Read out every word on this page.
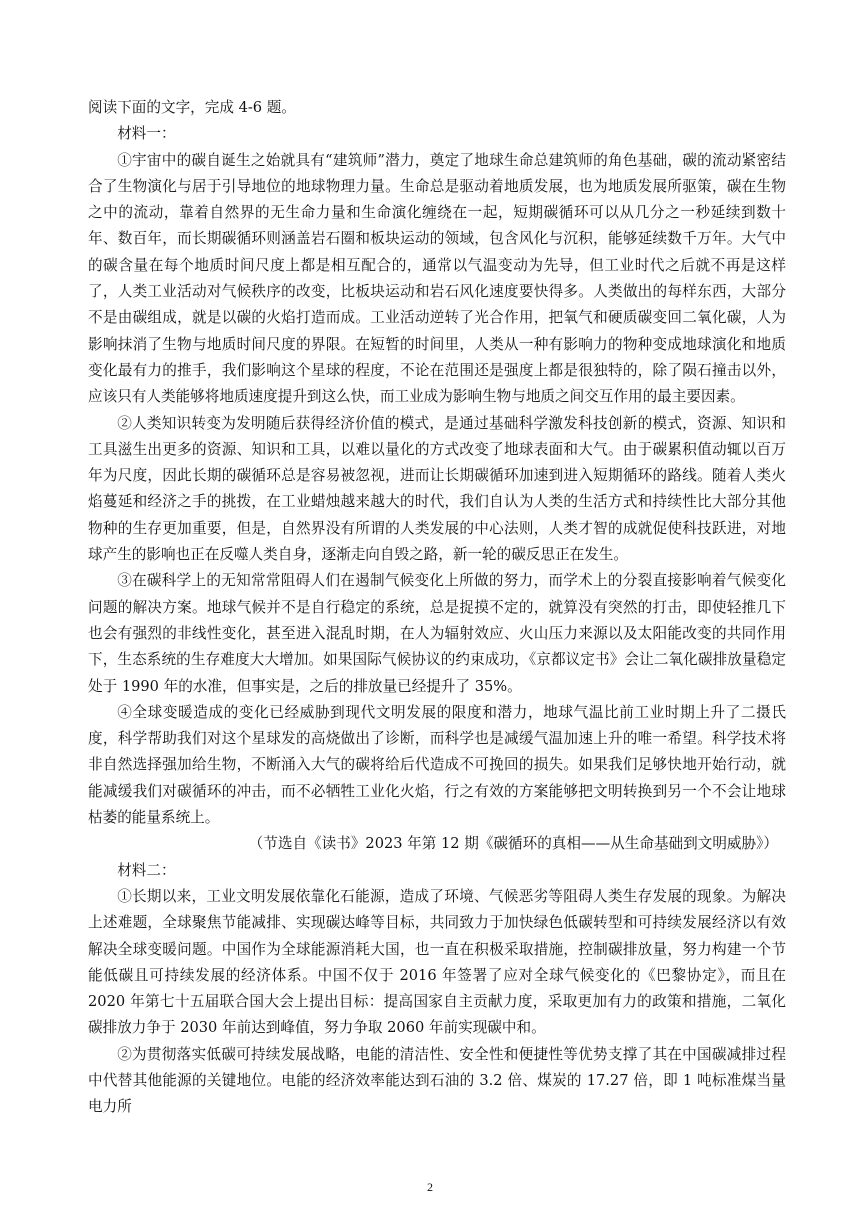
阅读下面的文字，完成 4-6 题。

材料一：

①宇宙中的碳自诞生之始就具有“建筑师”潜力，奠定了地球生命总建筑师的角色基础，碳的流动紧密结合了生物演化与居于引导地位的地球物理力量。生命总是驱动着地质发展，也为地质发展所驱策，碳在生物之中的流动，靠着自然界的无生命力量和生命演化缠绕在一起，短期碳循环可以从几分之一秒延续到数十年、数百年，而长期碳循环则涵盖岩石圈和板块运动的领域，包含风化与沉积，能够延续数千万年。大气中的碳含量在每个地质时间尺度上都是相互配合的，通常以气温变动为先导，但工业时代之后就不再是这样了，人类工业活动对气候秩序的改变，比板块运动和岩石风化速度要快得多。人类做出的每样东西，大部分不是由碳组成，就是以碳的火焰打造而成。工业活动逆转了光合作用，把氧气和硬质碳变回二氧化碳，人为影响抹消了生物与地质时间尺度的界限。在短暂的时间里，人类从一种有影响力的物种变成地球演化和地质变化最有力的推手，我们影响这个星球的程度，不论在范围还是强度上都是很独特的，除了陨石撞击以外，应该只有人类能够将地质速度提升到这么快，而工业成为影响生物与地质之间交互作用的最主要因素。

②人类知识转变为发明随后获得经济价值的模式，是通过基础科学激发科技创新的模式，资源、知识和工具滋生出更多的资源、知识和工具，以难以量化的方式改变了地球表面和大气。由于碳累积值动辄以百万年为尺度，因此长期的碳循环总是容易被忽视，进而让长期碳循环加速到进入短期循环的路线。随着人类火焰蔓延和经济之手的挑拨，在工业蜡烛越来越大的时代，我们自认为人类的生活方式和持续性比大部分其他物种的生存更加重要，但是，自然界没有所谓的人类发展的中心法则，人类才智的成就促使科技跃进，对地球产生的影响也正在反噬人类自身，逐渐走向自毁之路，新一轮的碳反思正在发生。

③在碳科学上的无知常常阻碍人们在遏制气候变化上所做的努力，而学术上的分裂直接影响着气候变化问题的解决方案。地球气候并不是自行稳定的系统，总是捉摸不定的，就算没有突然的打击，即使轻推几下也会有强烈的非线性变化，甚至进入混乱时期，在人为辐射效应、火山压力来源以及太阳能改变的共同作用下，生态系统的生存难度大大增加。如果国际气候协议的约束成功，《京都议定书》会让二氧化碳排放量稳定处于 1990 年的水准，但事实是，之后的排放量已经提升了 35%。

④全球变暖造成的变化已经威胁到现代文明发展的限度和潜力，地球气温比前工业时期上升了二摄氏度，科学帮助我们对这个星球发的高烧做出了诊断，而科学也是减缓气温加速上升的唯一希望。科学技术将非自然选择强加给生物，不断涌入大气的碳将给后代造成不可挽回的损失。如果我们足够快地开始行动，就能减缓我们对碳循环的冲击，而不必牺牲工业化火焰，行之有效的方案能够把文明转换到另一个不会让地球枯萎的能量系统上。

（节选自《读书》2023 年第 12 期《碳循环的真相——从生命基础到文明威胁》）

材料二：

①长期以来，工业文明发展依靠化石能源，造成了环境、气候恶劣等阻碍人类生存发展的现象。为解决上述难题，全球聚焦节能减排、实现碳达峰等目标，共同致力于加快绿色低碳转型和可持续发展经济以有效解决全球变暖问题。中国作为全球能源消耗大国，也一直在积极采取措施，控制碳排放量，努力构建一个节能低碳且可持续发展的经济体系。中国不仅于 2016 年签署了应对全球气候变化的《巴黎协定》，而且在 2020 年第七十五届联合国大会上提出目标：提高国家自主贡献力度，采取更加有力的政策和措施，二氧化碳排放力争于 2030 年前达到峰值，努力争取 2060 年前实现碳中和。

②为贯彻落实低碳可持续发展战略，电能的清洁性、安全性和便捷性等优势支撑了其在中国碳减排过程中代替其他能源的关键地位。电能的经济效率能达到石油的 3.2 倍、煤炭的 17.27 倍，即 1 吨标准煤当量电力所

2
